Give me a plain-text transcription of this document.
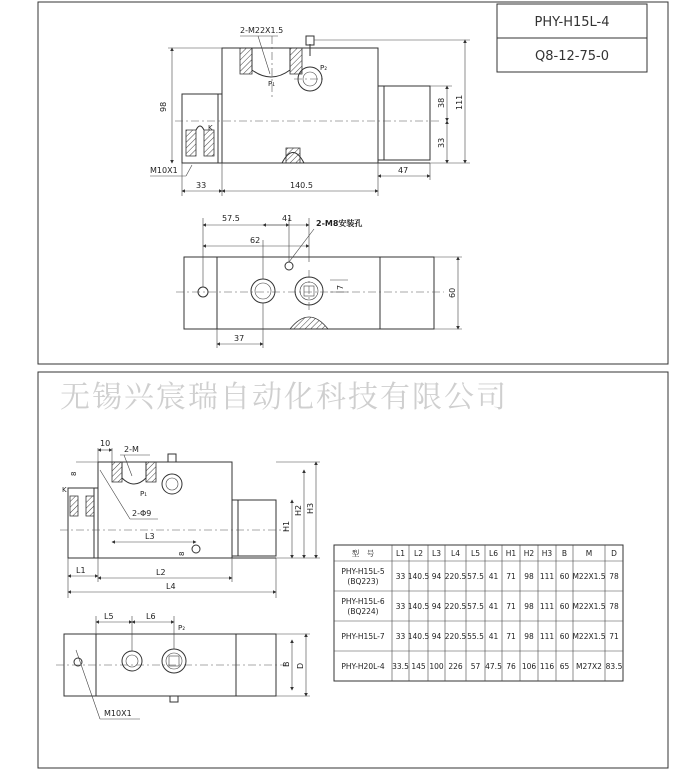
PHY-H15L-4
Q8-12-75-0
无锡兴宸瑞自动化科技有限公司
2-M22X1.5
P₁
P₂
K
M10X1
98	111
38
33
33	140.5
47
57.5	41
62
2-M8安装孔
7
60
37
10
2-M
8
P₁
K
2-Φ9
H1
H2 H3
L1	L2
L4
L3
8
L5	L6
P₂
B D
M10X1
型　号	L1 L2 L3 L4 L5 L6 H1 H2 H3 B M	D
PHY-H15L-5
(BQ223)
33 140.5 94 220.5 57.5 41 71 98 111 60 M22X1.5 78
PHY-H15L-6
(BQ224)
33 140.5 94 220.5 57.5 41 71 98 111 60 M22X1.5 78
PHY-H15L-7 33 140.5 94 220.5 55.5 41 71 98 111 60 M22X1.5 71
PHY-H20L-4 33.5 145 100 226 57 47.5 76 106 116 65 M27X2 83.5
